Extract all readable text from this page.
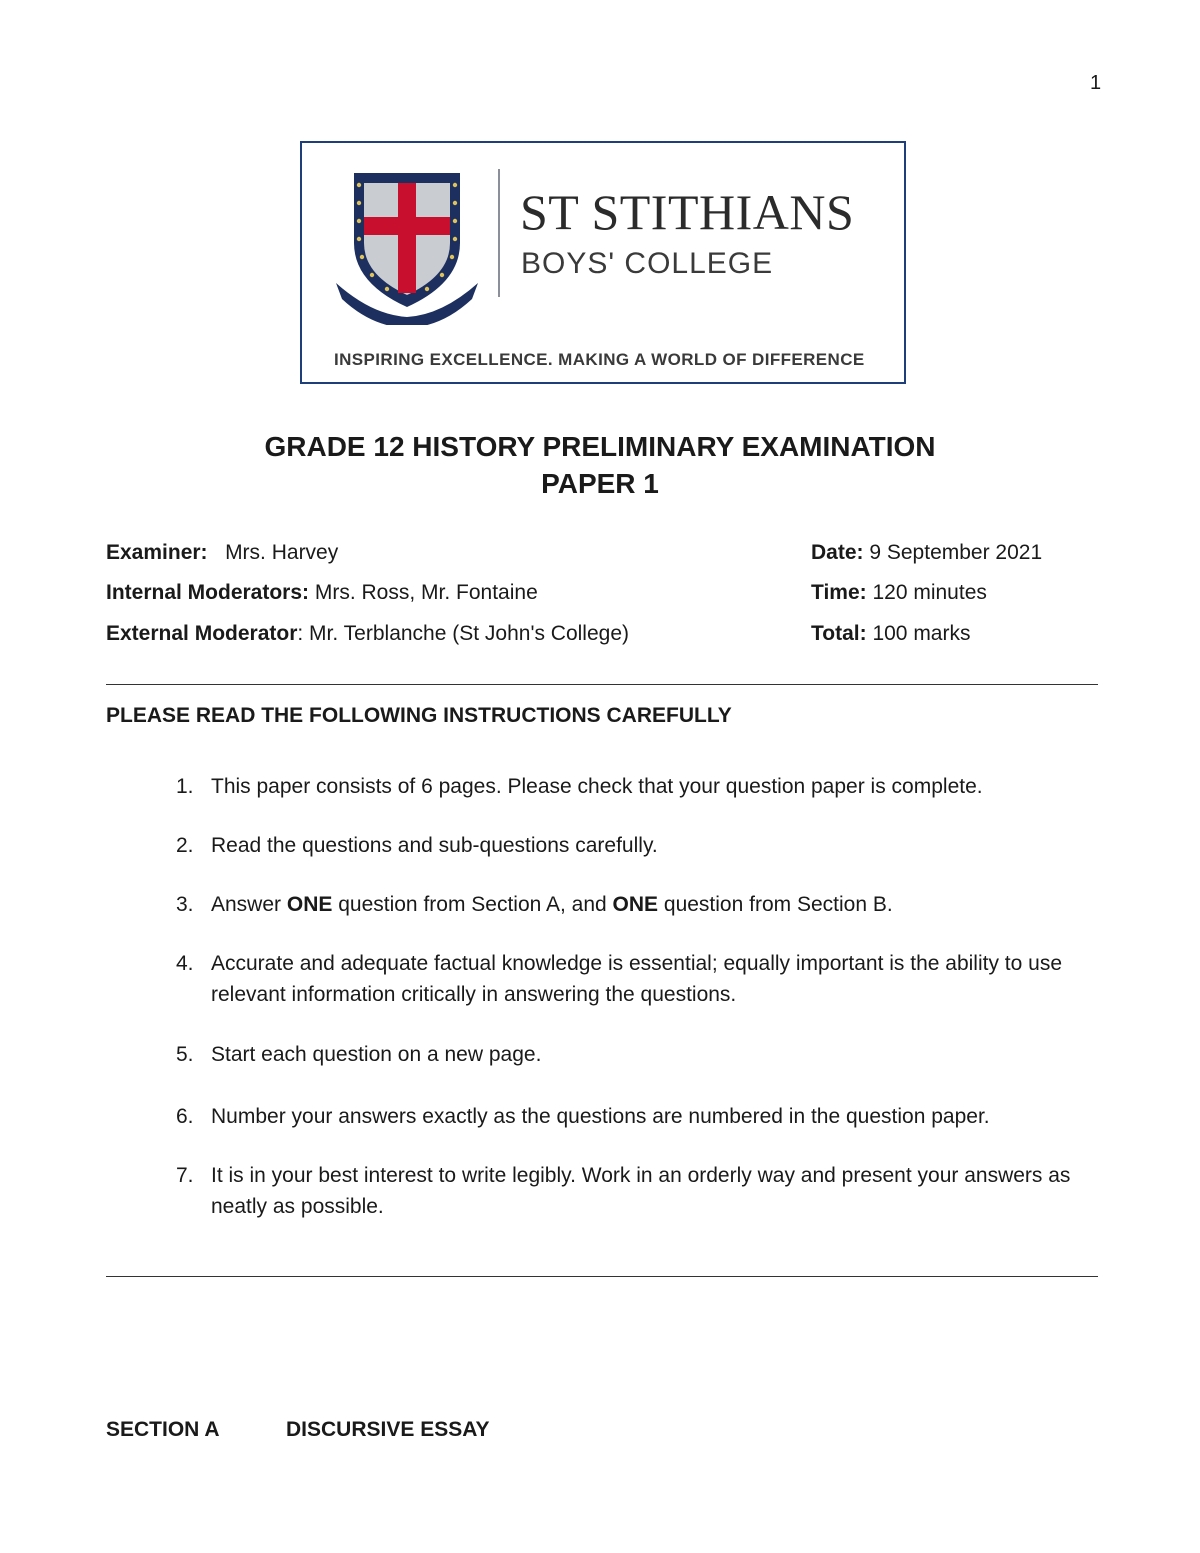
1
ST STITHIANS
BOYS' COLLEGE
INSPIRING EXCELLENCE. MAKING A WORLD OF DIFFERENCE
GRADE 12 HISTORY PRELIMINARY EXAMINATION
PAPER 1
Examiner: Mrs. Harvey
Internal Moderators: Mrs. Ross, Mr. Fontaine
External Moderator: Mr. Terblanche (St John's College)
Date: 9 September 2021
Time: 120 minutes
Total: 100 marks
PLEASE READ THE FOLLOWING INSTRUCTIONS CAREFULLY
1. This paper consists of 6 pages. Please check that your question paper is complete.
2. Read the questions and sub-questions carefully.
3. Answer ONE question from Section A, and ONE question from Section B.
4. Accurate and adequate factual knowledge is essential; equally important is the ability to use relevant information critically in answering the questions.
5. Start each question on a new page.
6. Number your answers exactly as the questions are numbered in the question paper.
7. It is in your best interest to write legibly. Work in an orderly way and present your answers as neatly as possible.
SECTION A	DISCURSIVE ESSAY
